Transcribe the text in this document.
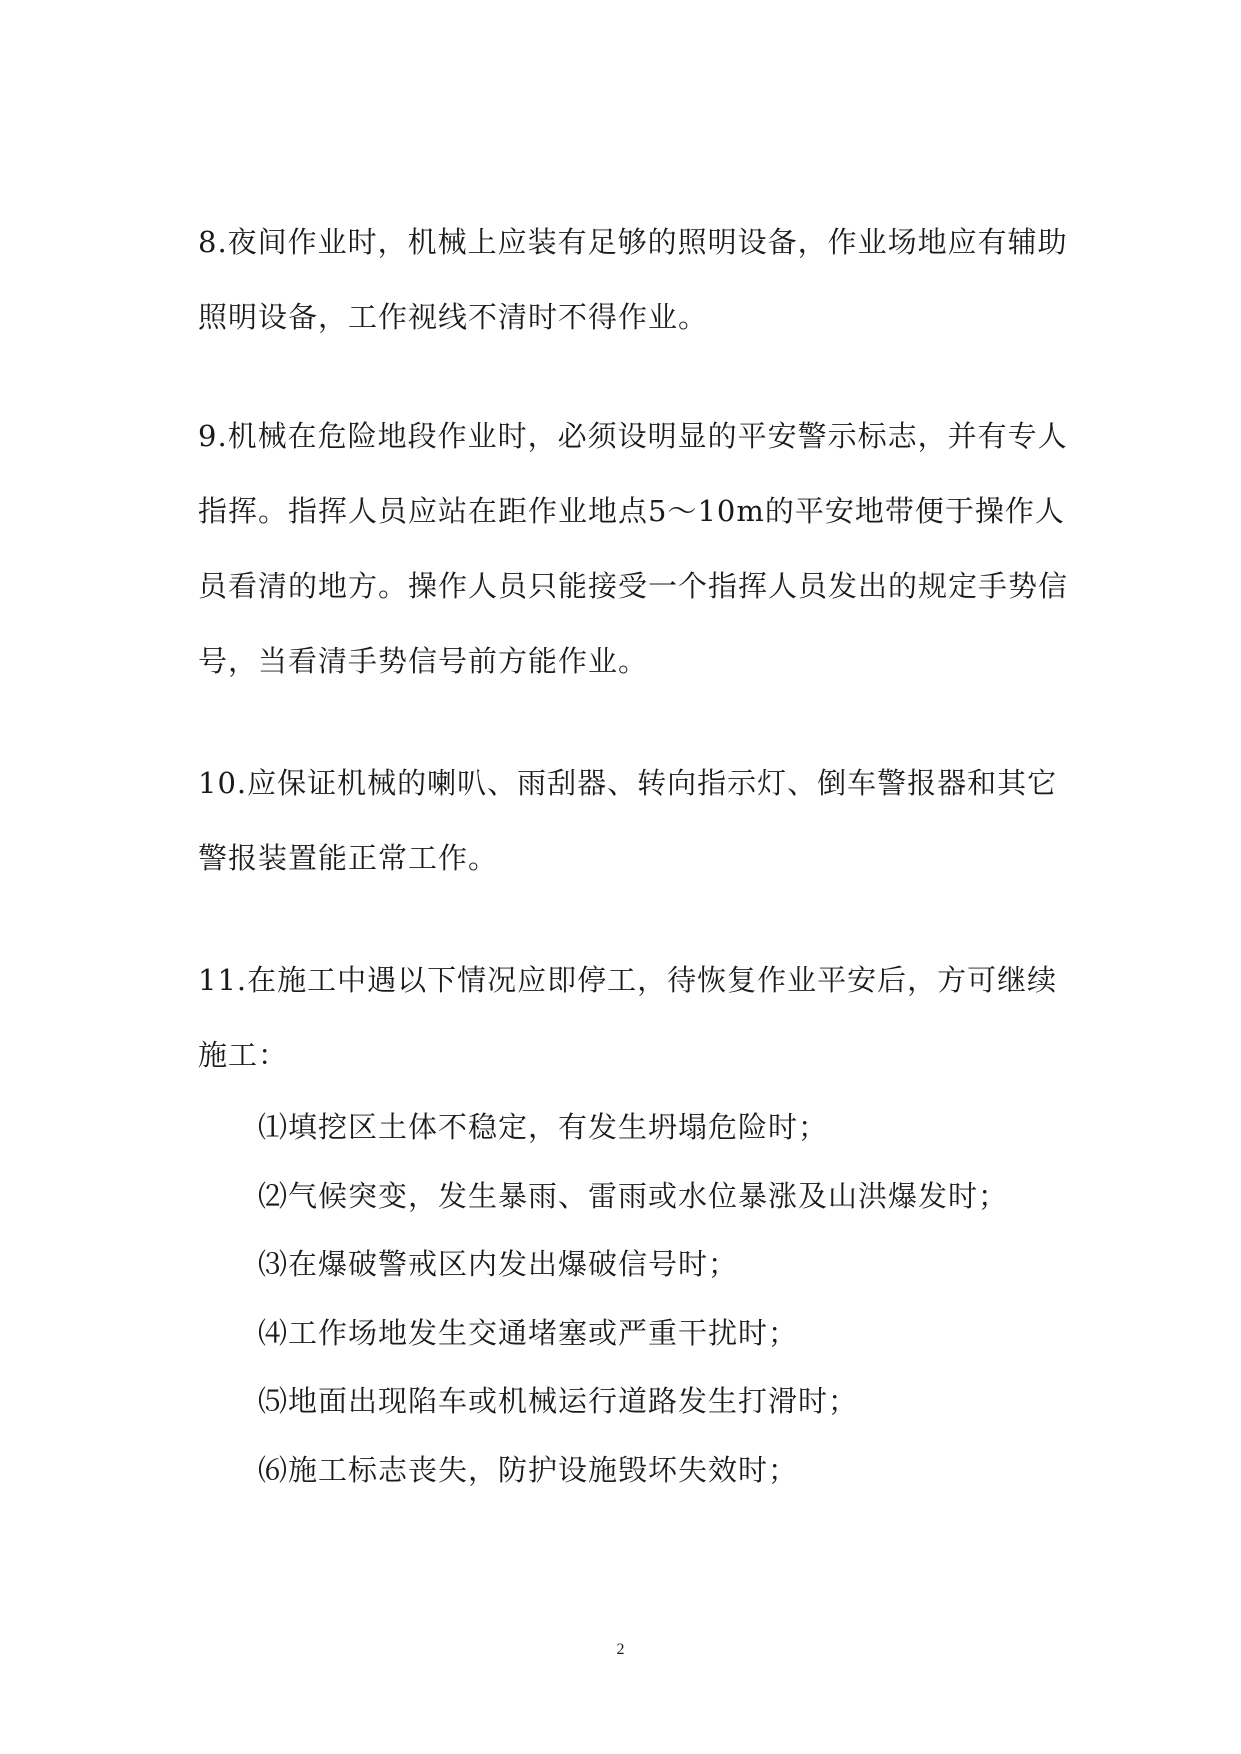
8.夜间作业时，机械上应装有足够的照明设备，作业场地应有辅助
照明设备，工作视线不清时不得作业。
9.机械在危险地段作业时，必须设明显的平安警示标志，并有专人
指挥。指挥人员应站在距作业地点5～10m的平安地带便于操作人
员看清的地方。操作人员只能接受一个指挥人员发出的规定手势信
号，当看清手势信号前方能作业。
10.应保证机械的喇叭、雨刮器、转向指示灯、倒车警报器和其它
警报装置能正常工作。
11.在施工中遇以下情况应即停工，待恢复作业平安后，方可继续
施工：
⑴填挖区土体不稳定，有发生坍塌危险时；
⑵气候突变，发生暴雨、雷雨或水位暴涨及山洪爆发时；
⑶在爆破警戒区内发出爆破信号时；
⑷工作场地发生交通堵塞或严重干扰时；
⑸地面出现陷车或机械运行道路发生打滑时；
⑹施工标志丧失，防护设施毁坏失效时；
2
